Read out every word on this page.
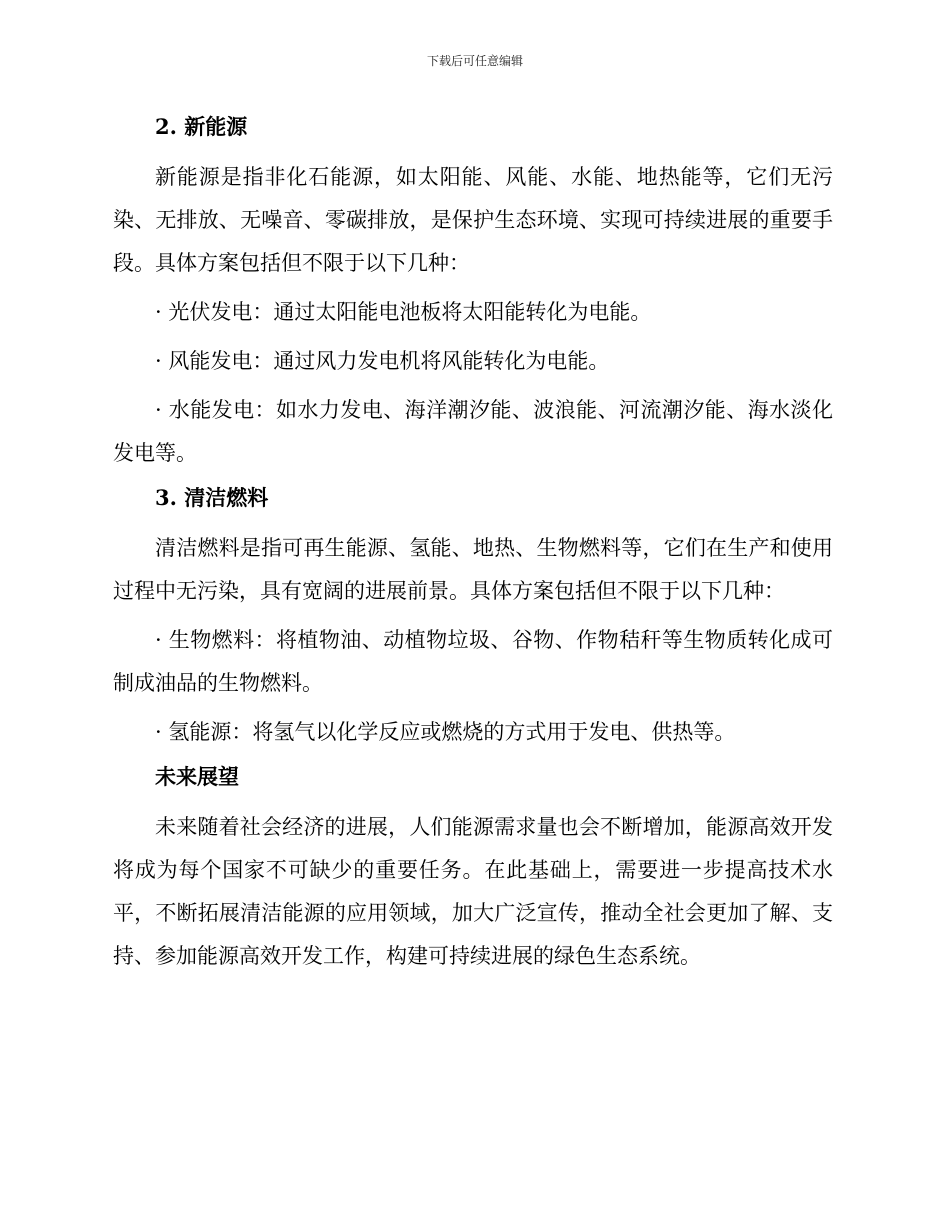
下载后可任意编辑

2. 新能源

新能源是指非化石能源，如太阳能、风能、水能、地热能等，它们无污染、无排放、无噪音、零碳排放，是保护生态环境、实现可持续进展的重要手段。具体方案包括但不限于以下几种：

· 光伏发电：通过太阳能电池板将太阳能转化为电能。

· 风能发电：通过风力发电机将风能转化为电能。

· 水能发电：如水力发电、海洋潮汐能、波浪能、河流潮汐能、海水淡化发电等。

3. 清洁燃料

清洁燃料是指可再生能源、氢能、地热、生物燃料等，它们在生产和使用过程中无污染，具有宽阔的进展前景。具体方案包括但不限于以下几种：

· 生物燃料：将植物油、动植物垃圾、谷物、作物秸秆等生物质转化成可制成油品的生物燃料。

· 氢能源：将氢气以化学反应或燃烧的方式用于发电、供热等。

未来展望

未来随着社会经济的进展，人们能源需求量也会不断增加，能源高效开发将成为每个国家不可缺少的重要任务。在此基础上，需要进一步提高技术水平，不断拓展清洁能源的应用领域，加大广泛宣传，推动全社会更加了解、支持、参加能源高效开发工作，构建可持续进展的绿色生态系统。
